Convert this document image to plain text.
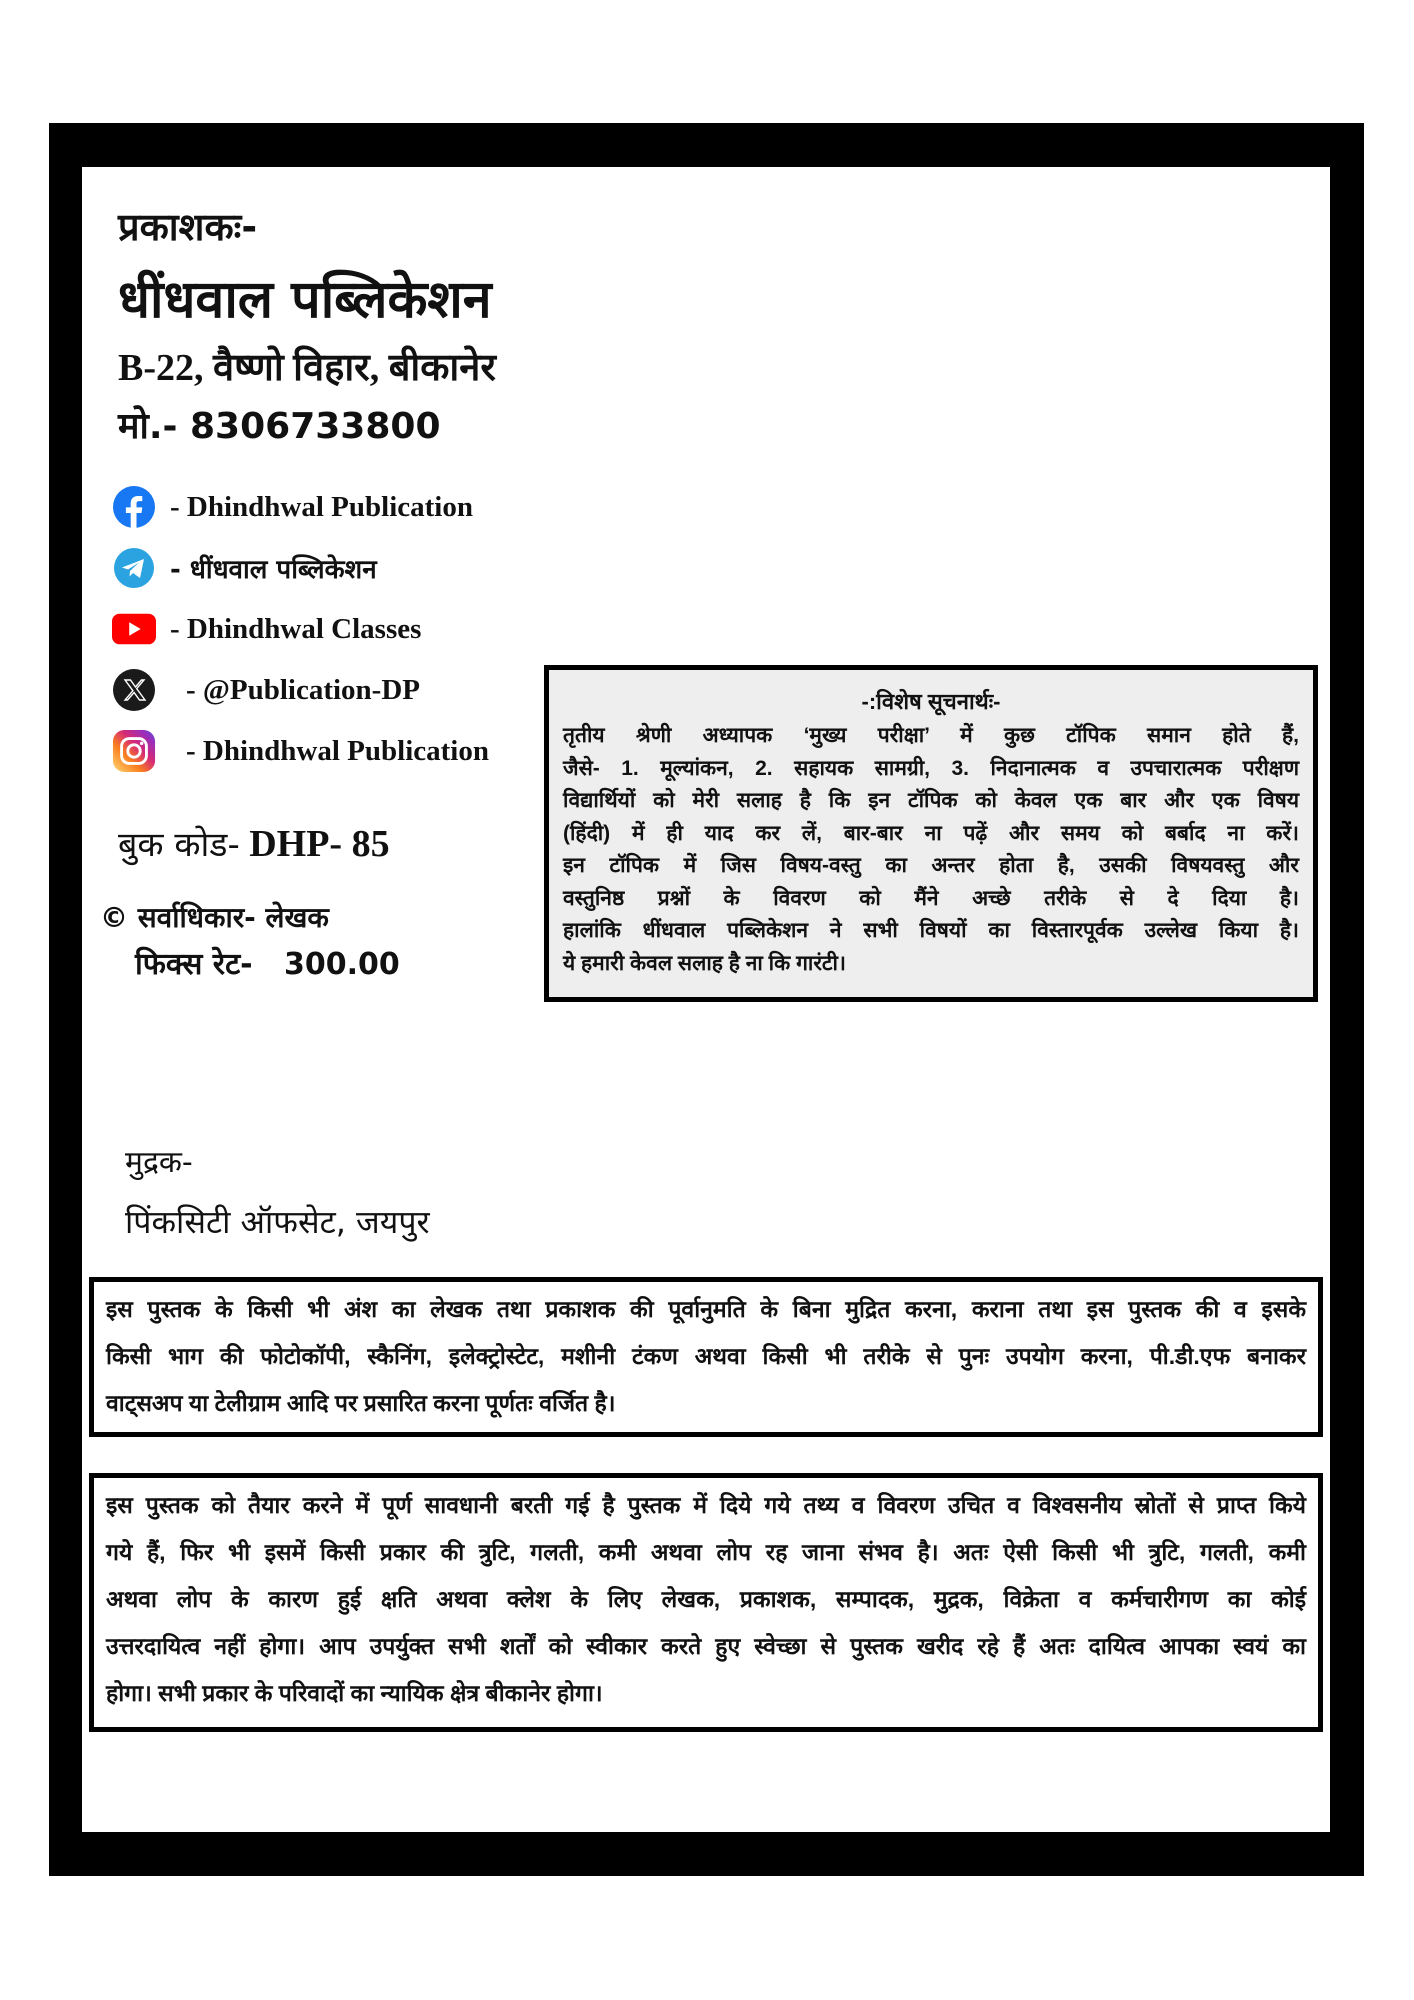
प्रकाशकः-
धींधवाल पब्लिकेशन
B-22, वैष्णो विहार, बीकानेर
मो.- 8306733800
- Dhindhwal Publication
- धींधवाल पब्लिकेशन
- Dhindhwal Classes
- @Publication-DP
- Dhindhwal Publication
बुक कोड- DHP- 85
© सर्वाधिकार- लेखक
फिक्स रेट- 300.00
-:विशेष सूचनार्थः-
तृतीय श्रेणी अध्यापक ‘मुख्य परीक्षा’ में कुछ टॉपिक समान होते हैं,
जैसे- 1. मूल्यांकन, 2. सहायक सामग्री, 3. निदानात्मक व उपचारात्मक परीक्षण
विद्यार्थियों को मेरी सलाह है कि इन टॉपिक को केवल एक बार और एक विषय
(हिंदी) में ही याद कर लें, बार-बार ना पढ़ें और समय को बर्बाद ना करें।
इन टॉपिक में जिस विषय-वस्तु का अन्तर होता है, उसकी विषयवस्तु और
वस्तुनिष्ठ प्रश्नों के विवरण को मैंने अच्छे तरीके से दे दिया है।
हालांकि धींधवाल पब्लिकेशन ने सभी विषयों का विस्तारपूर्वक उल्लेख किया है।
ये हमारी केवल सलाह है ना कि गारंटी।
मुद्रक-
पिंकसिटी ऑफसेट, जयपुर
इस पुस्तक के किसी भी अंश का लेखक तथा प्रकाशक की पूर्वानुमति के बिना मुद्रित करना, कराना तथा इस पुस्तक की व इसके
किसी भाग की फोटोकॉपी, स्कैनिंग, इलेक्ट्रोस्टेट, मशीनी टंकण अथवा किसी भी तरीके से पुनः उपयोग करना, पी.डी.एफ बनाकर
वाट्सअप या टेलीग्राम आदि पर प्रसारित करना पूर्णतः वर्जित है।
इस पुस्तक को तैयार करने में पूर्ण सावधानी बरती गई है पुस्तक में दिये गये तथ्य व विवरण उचित व विश्वसनीय स्रोतों से प्राप्त किये
गये हैं, फिर भी इसमें किसी प्रकार की त्रुटि, गलती, कमी अथवा लोप रह जाना संभव है। अतः ऐसी किसी भी त्रुटि, गलती, कमी
अथवा लोप के कारण हुई क्षति अथवा क्लेश के लिए लेखक, प्रकाशक, सम्पादक, मुद्रक, विक्रेता व कर्मचारीगण का कोई
उत्तरदायित्व नहीं होगा। आप उपर्युक्त सभी शर्तों को स्वीकार करते हुए स्वेच्छा से पुस्तक खरीद रहे हैं अतः दायित्व आपका स्वयं का
होगा। सभी प्रकार के परिवादों का न्यायिक क्षेत्र बीकानेर होगा।
